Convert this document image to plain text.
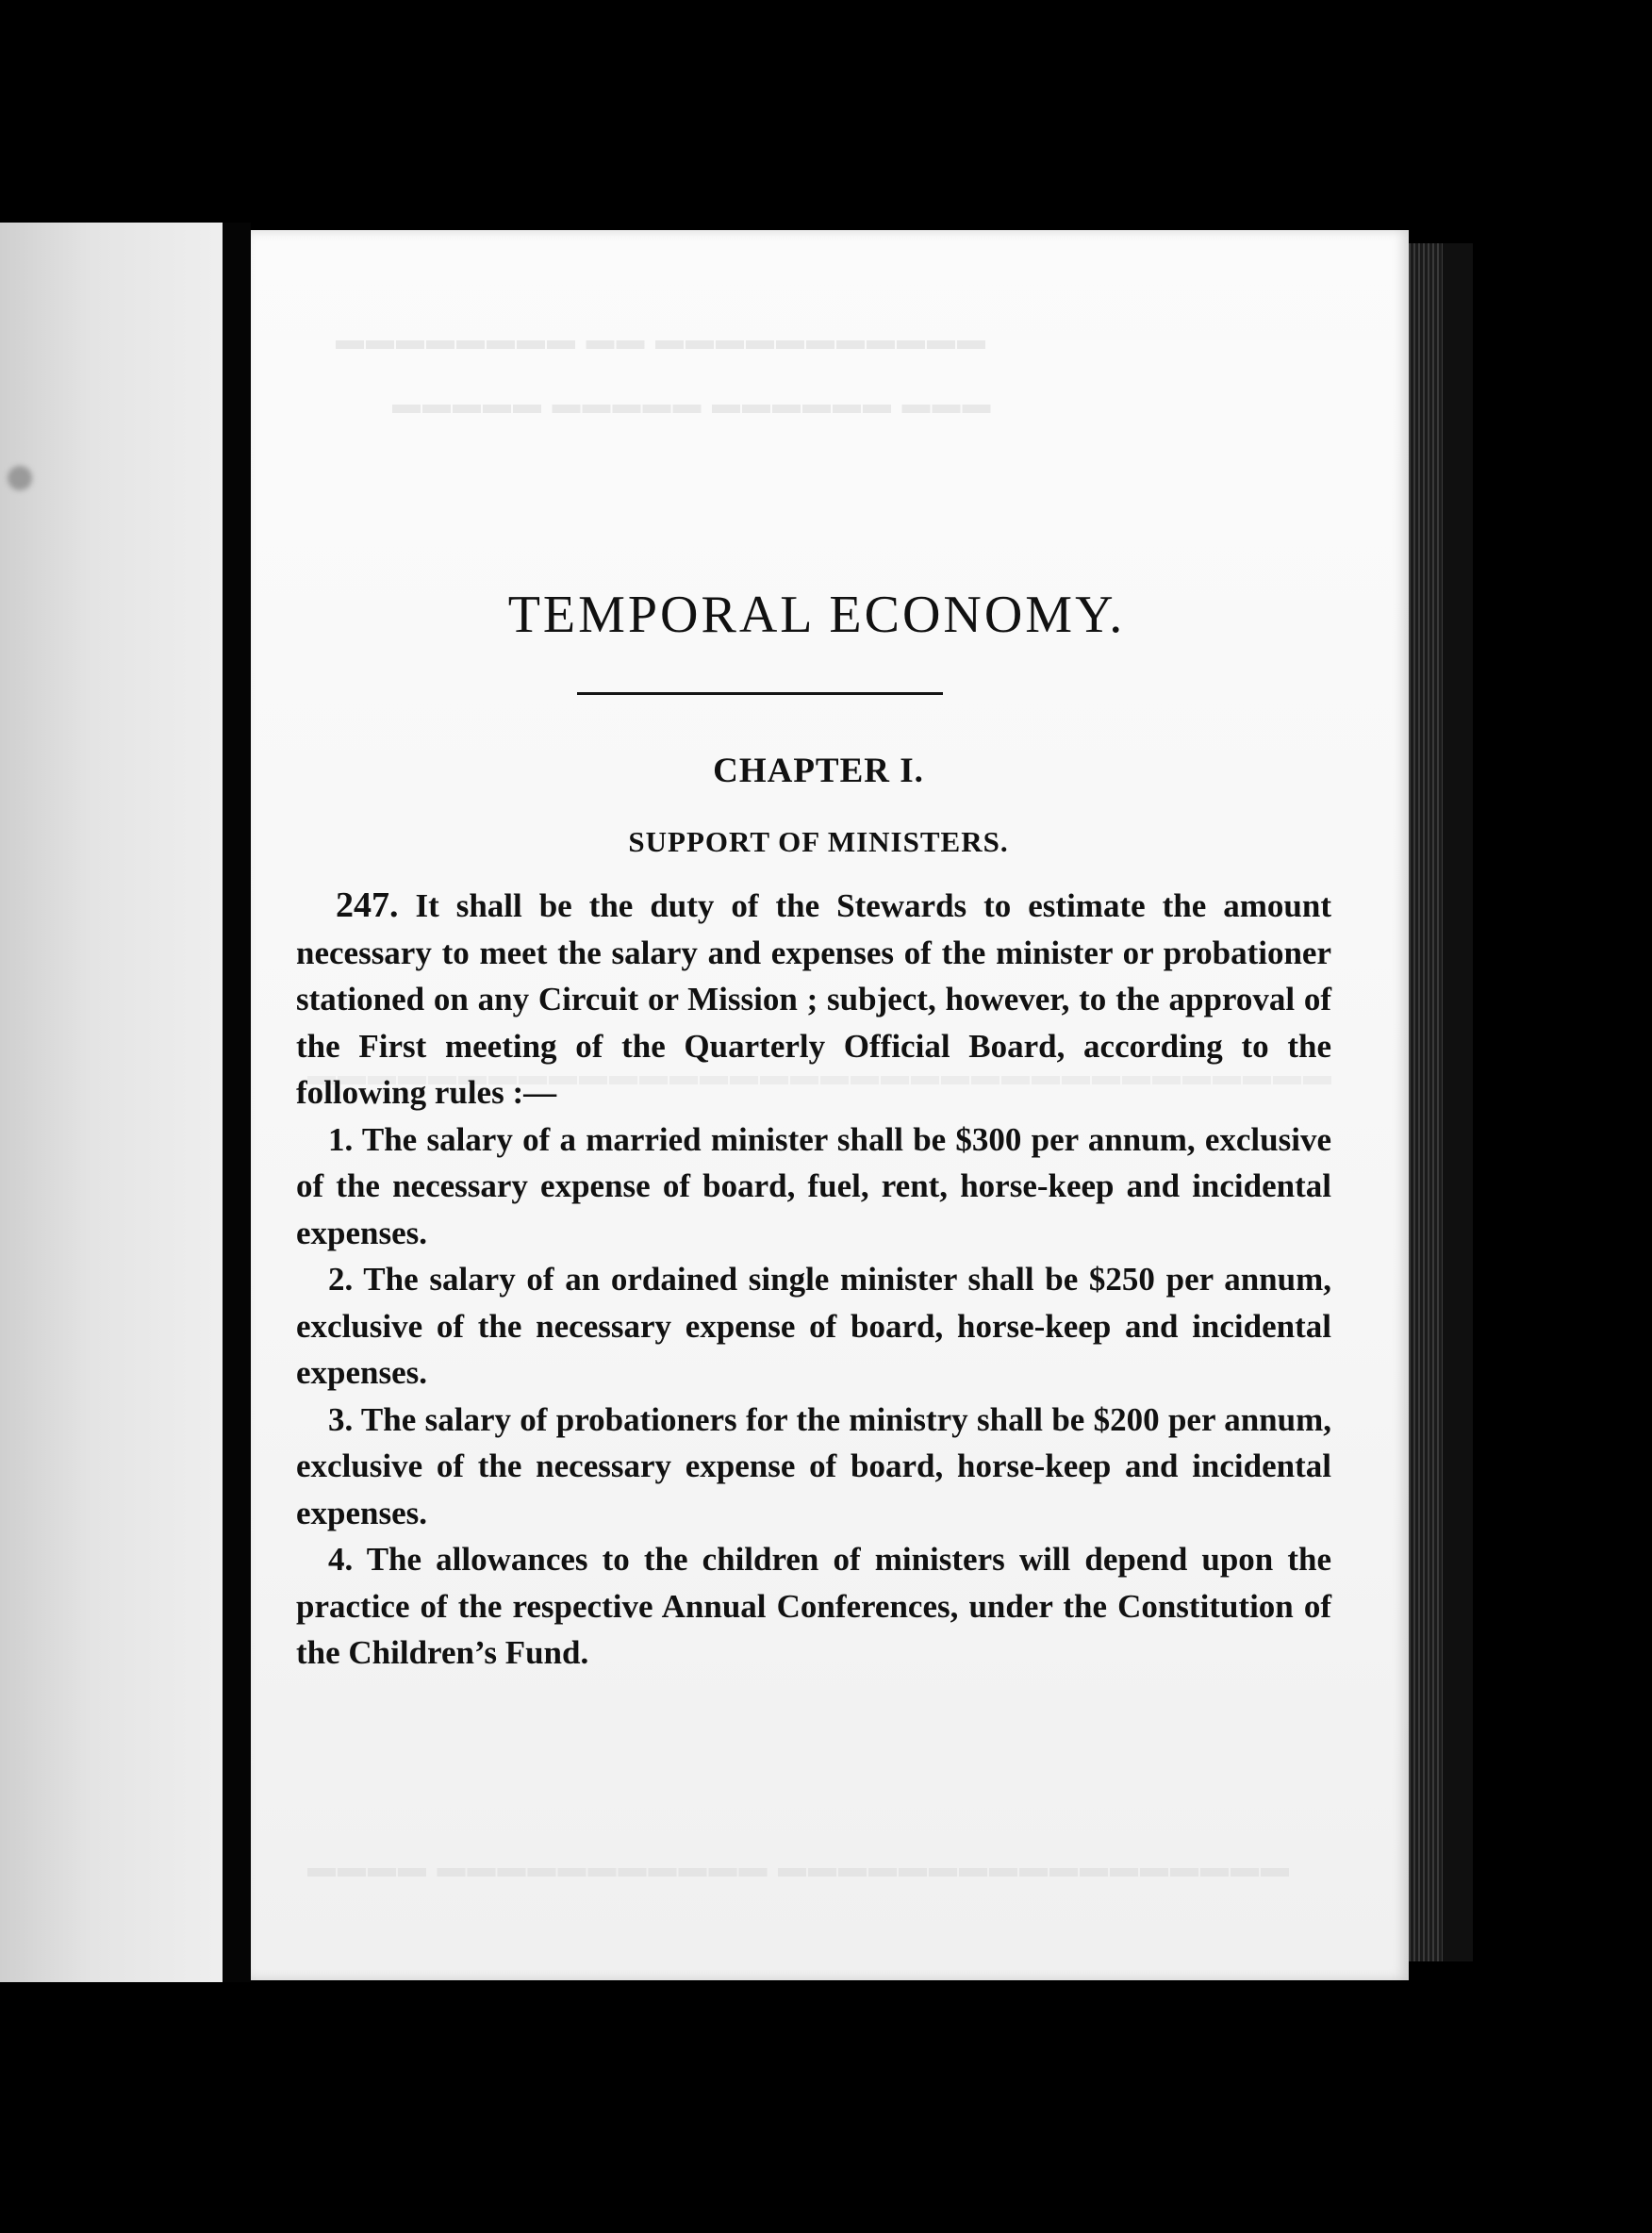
▬▬▬▬▬▬▬▬ ▬▬ ▬▬▬▬▬▬▬▬▬▬▬
▬▬▬▬▬ ▬▬▬▬▬ ▬▬▬▬▬▬ ▬▬▬
▬▬▬▬ ▬▬▬▬▬▬▬▬▬▬▬ ▬▬▬▬▬▬▬▬▬▬▬▬▬▬▬▬▬
TEMPORAL ECONOMY.
CHAPTER I.
SUPPORT OF MINISTERS.

247. It shall be the duty of the Stewards to estimate the amount necessary to meet the salary and expenses of the minister or probationer stationed on any Circuit or Mission ; subject, however, to the approval of the First meeting of the Quarterly Official Board, according to the following rules :—

1. The salary of a married minister shall be $300 per annum, exclusive of the necessary expense of board, fuel, rent, horse-keep and incidental expenses.

2. The salary of an ordained single minister shall be $250 per annum, exclusive of the necessary expense of board, horse-keep and incidental expenses.

3. The salary of probationers for the ministry shall be $200 per annum, exclusive of the necessary expense of board, horse-keep and incidental expenses.

4. The allowances to the children of ministers will depend upon the practice of the respective Annual Conferences, under the Constitution of the Children’s Fund.
